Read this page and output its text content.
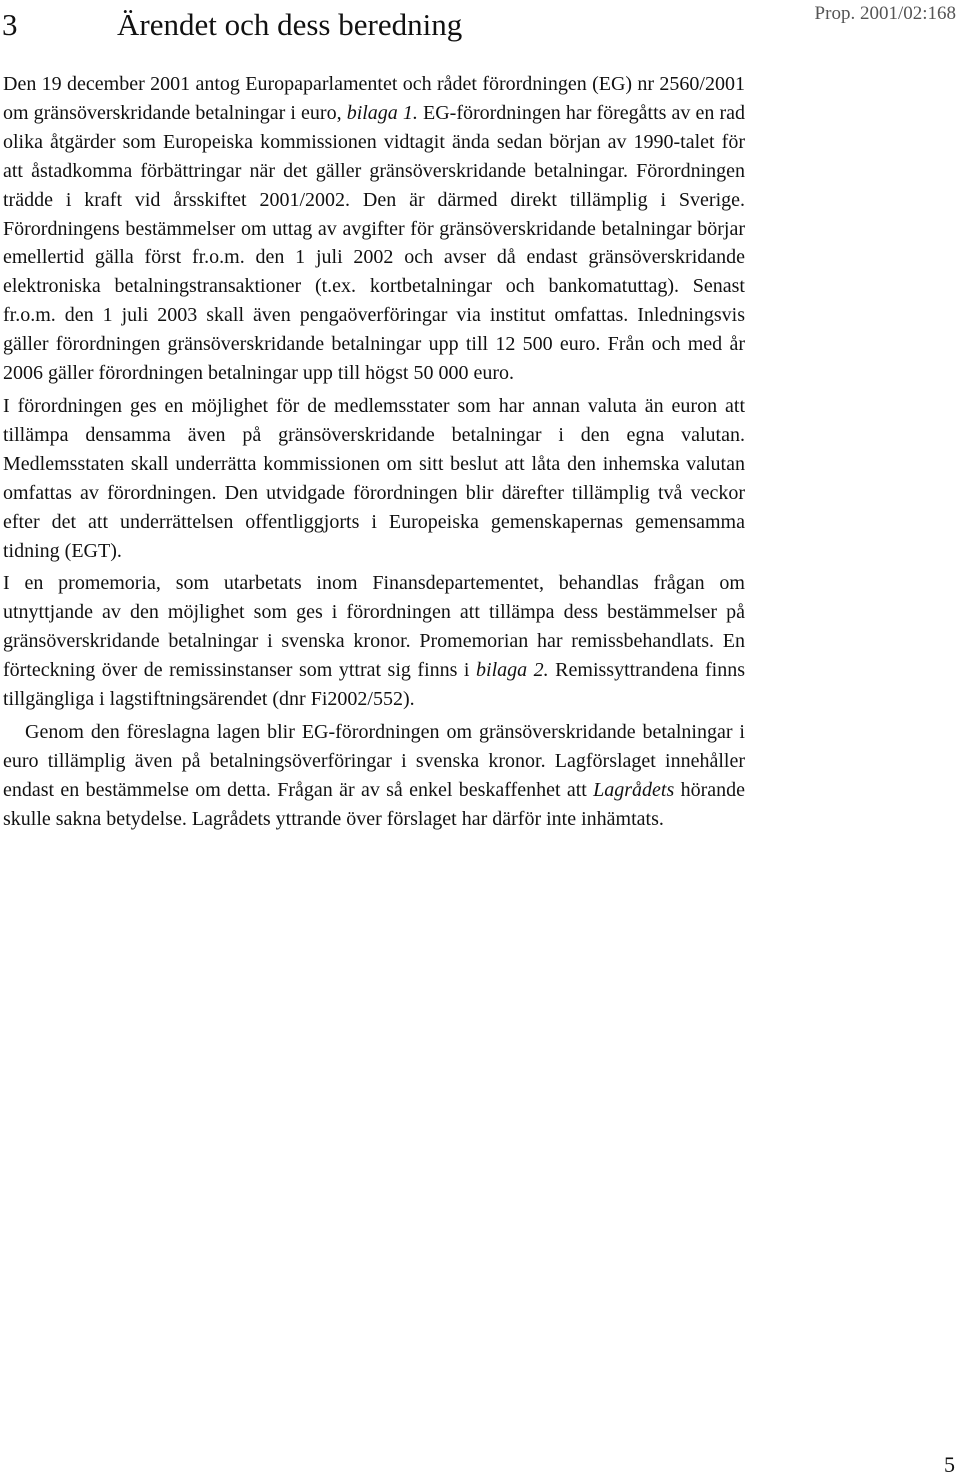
3	Ärendet och dess beredning	Prop. 2001/02:168

Den 19 december 2001 antog Europaparlamentet och rådet förordningen (EG) nr 2560/2001 om gränsöverskridande betalningar i euro, bilaga 1. EG-förordningen har föregåtts av en rad olika åtgärder som Europeiska kommissionen vidtagit ända sedan början av 1990-talet för att åstadkomma förbättringar när det gäller gränsöverskridande betalningar. Förordningen trädde i kraft vid årsskiftet 2001/2002. Den är därmed direkt tillämplig i Sverige. Förordningens bestämmelser om uttag av avgifter för gränsöverskridande betalningar börjar emellertid gälla först fr.o.m. den 1 juli 2002 och avser då endast gränsöverskridande elektroniska betalningstransaktioner (t.ex. kortbetalningar och bankomatuttag). Senast fr.o.m. den 1 juli 2003 skall även pengaöverföringar via institut omfattas. Inledningsvis gäller förordningen gränsöverskridande betalningar upp till 12 500 euro. Från och med år 2006 gäller förordningen betalningar upp till högst 50 000 euro.

I förordningen ges en möjlighet för de medlemsstater som har annan valuta än euron att tillämpa densamma även på gränsöverskridande betalningar i den egna valutan. Medlemsstaten skall underrätta kommissionen om sitt beslut att låta den inhemska valutan omfattas av förordningen. Den utvidgade förordningen blir därefter tillämplig två veckor efter det att underrättelsen offentliggjorts i Europeiska gemenskapernas gemensamma tidning (EGT).

I en promemoria, som utarbetats inom Finansdepartementet, behandlas frågan om utnyttjande av den möjlighet som ges i förordningen att tillämpa dess bestämmelser på gränsöverskridande betalningar i svenska kronor. Promemorian har remissbehandlats. En förteckning över de remissinstanser som yttrat sig finns i bilaga 2. Remissyttrandena finns tillgängliga i lagstiftningsärendet (dnr Fi2002/552).

Genom den föreslagna lagen blir EG-förordningen om gränsöverskridande betalningar i euro tillämplig även på betalningsöverföringar i svenska kronor. Lagförslaget innehåller endast en bestämmelse om detta. Frågan är av så enkel beskaffenhet att Lagrådets hörande skulle sakna betydelse. Lagrådets yttrande över förslaget har därför inte inhämtats.

5
